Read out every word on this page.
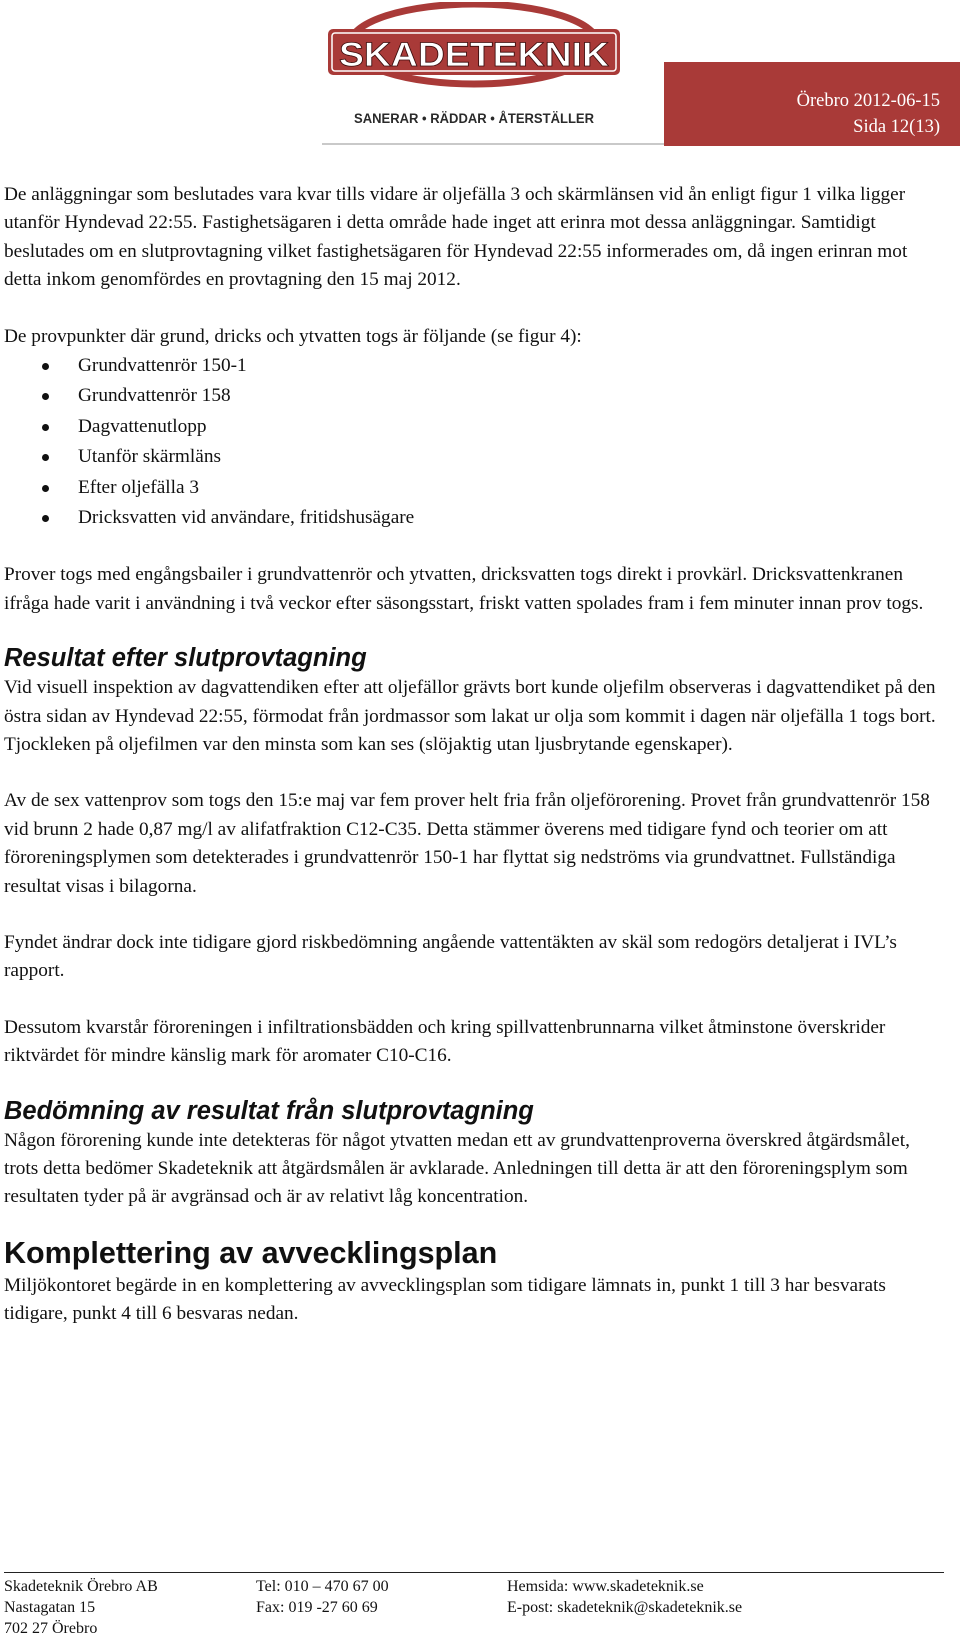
SKADETEKNIK
SANERAR • RÄDDAR • ÅTERSTÄLLER
Örebro 2012-06-15
Sida 12(13)

De anläggningar som beslutades vara kvar tills vidare är oljefälla 3 och skärmlänsen vid ån enligt figur 1 vilka ligger utanför Hyndevad 22:55. Fastighetsägaren i detta område hade inget att erinra mot dessa anläggningar. Samtidigt beslutades om en slutprovtagning vilket fastighetsägaren för Hyndevad 22:55 informerades om, då ingen erinran mot detta inkom genomfördes en provtagning den 15 maj 2012.

De provpunkter där grund, dricks och ytvatten togs är följande (se figur 4):

Grundvattenrör 150-1
Grundvattenrör 158
Dagvattenutlopp
Utanför skärmläns
Efter oljefälla 3
Dricksvatten vid användare, fritidshusägare

Prover togs med engångsbailer i grundvattenrör och ytvatten, dricksvatten togs direkt i provkärl. Dricksvattenkranen ifråga hade varit i användning i två veckor efter säsongsstart, friskt vatten spolades fram i fem minuter innan prov togs.

Resultat efter slutprovtagning

Vid visuell inspektion av dagvattendiken efter att oljefällor grävts bort kunde oljefilm observeras i dagvattendiket på den östra sidan av Hyndevad 22:55, förmodat från jordmassor som lakat ur olja som kommit i dagen när oljefälla 1 togs bort. Tjockleken på oljefilmen var den minsta som kan ses (slöjaktig utan ljusbrytande egenskaper).

Av de sex vattenprov som togs den 15:e maj var fem prover helt fria från oljeförorening. Provet från grundvattenrör 158 vid brunn 2 hade 0,87 mg/l av alifatfraktion C12-C35. Detta stämmer överens med tidigare fynd och teorier om att föroreningsplymen som detekterades i grundvattenrör 150-1 har flyttat sig nedströms via grundvattnet. Fullständiga resultat visas i bilagorna.

Fyndet ändrar dock inte tidigare gjord riskbedömning angående vattentäkten av skäl som redogörs detaljerat i IVL’s rapport.

Dessutom kvarstår föroreningen i infiltrationsbädden och kring spillvattenbrunnarna vilket åtminstone överskrider riktvärdet för mindre känslig mark för aromater C10-C16.

Bedömning av resultat från slutprovtagning

Någon förorening kunde inte detekteras för något ytvatten medan ett av grundvattenproverna överskred åtgärdsmålet, trots detta bedömer Skadeteknik att åtgärdsmålen är avklarade. Anledningen till detta är att den föroreningsplym som resultaten tyder på är avgränsad och är av relativt låg koncentration.

Komplettering av avvecklingsplan

Miljökontoret begärde in en komplettering av avvecklingsplan som tidigare lämnats in, punkt 1 till 3 har besvarats tidigare, punkt 4 till 6 besvaras nedan.

Skadeteknik Örebro AB
Nastagatan 15
702 27 Örebro
Tel: 010 – 470 67 00
Fax: 019 -27 60 69
Hemsida: www.skadeteknik.se
E-post: skadeteknik@skadeteknik.se
